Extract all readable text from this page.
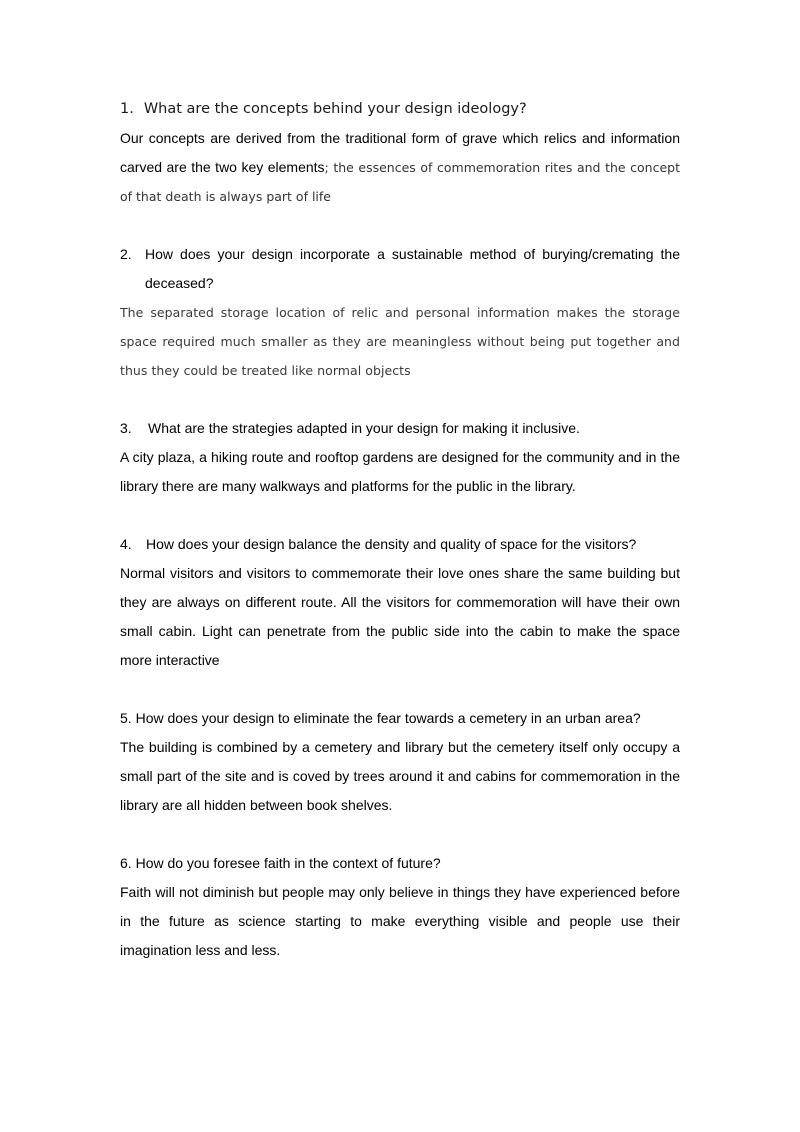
1. What are the concepts behind your design ideology?

Our concepts are derived from the traditional form of grave which relics and information carved are the two key elements; the essences of commemoration rites and the concept of that death is always part of life

2. How does your design incorporate a sustainable method of burying/cremating the deceased?

The separated storage location of relic and personal information makes the storage space required much smaller as they are meaningless without being put together and thus they could be treated like normal objects

3. What are the strategies adapted in your design for making it inclusive.

A city plaza, a hiking route and rooftop gardens are designed for the community and in the library there are many walkways and platforms for the public in the library.

4. How does your design balance the density and quality of space for the visitors?

Normal visitors and visitors to commemorate their love ones share the same building but they are always on different route. All the visitors for commemoration will have their own small cabin. Light can penetrate from the public side into the cabin to make the space more interactive

5. How does your design to eliminate the fear towards a cemetery in an urban area?

The building is combined by a cemetery and library but the cemetery itself only occupy a small part of the site and is coved by trees around it and cabins for commemoration in the library are all hidden between book shelves.

6. How do you foresee faith in the context of future?

Faith will not diminish but people may only believe in things they have experienced before in the future as science starting to make everything visible and people use their imagination less and less.
